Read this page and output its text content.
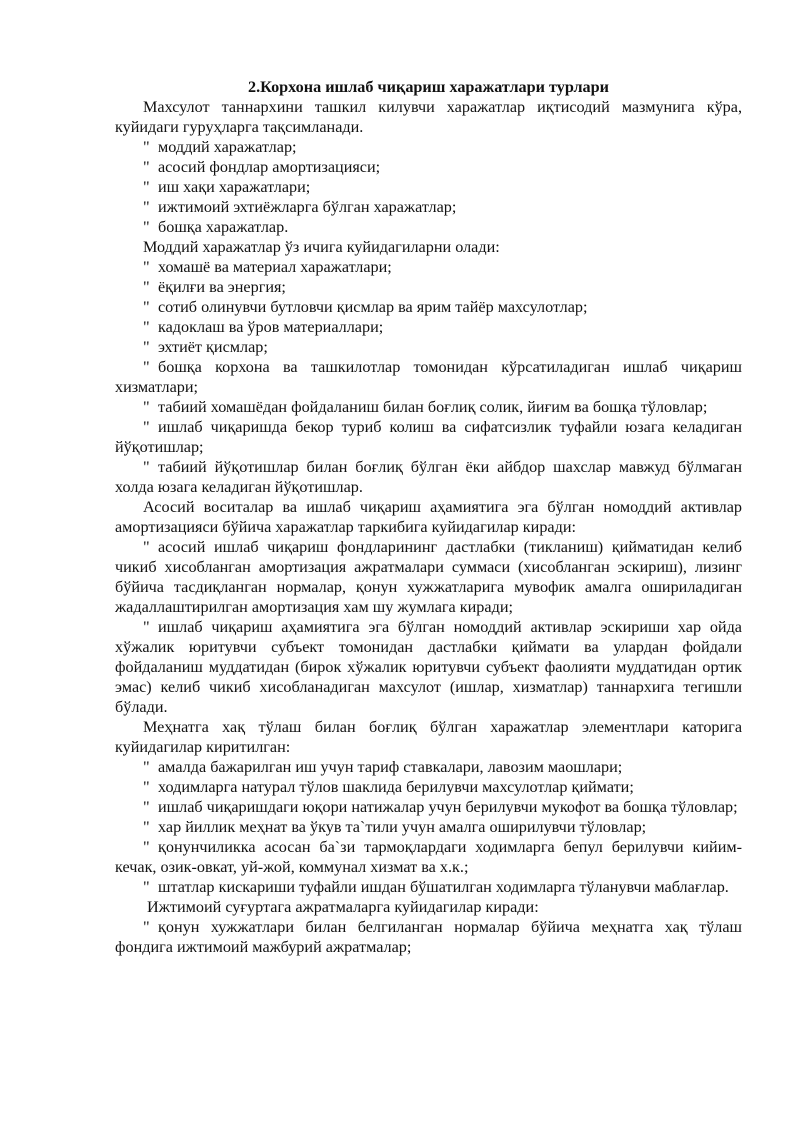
2.Корхона ишлаб чиқариш харажатлари турлари

Махсулот таннархини ташкил килувчи харажатлар иқтисодий мазмунига кўра, куйидаги гуруҳларга тақсимланади.

" моддий харажатлар;

" асосий фондлар амортизацияси;

" иш хақи харажатлари;

" ижтимоий эхтиёжларга бўлган харажатлар;

" бошқа харажатлар.

Моддий харажатлар ўз ичига куйидагиларни олади:

" хомашё ва материал харажатлари;

" ёқилғи ва энергия;

" сотиб олинувчи бутловчи қисмлар ва ярим тайёр махсулотлар;

" кадоклаш ва ўров материаллари;

" эхтиёт қисмлар;

" бошқа корхона ва ташкилотлар томонидан кўрсатиладиган ишлаб чиқариш хизматлари;

" табиий хомашёдан фойдаланиш билан боғлиқ солик, йиғим ва бошқа тўловлар;

" ишлаб чиқаришда бекор туриб колиш ва сифатсизлик туфайли юзага келадиган йўқотишлар;

" табиий йўқотишлар билан боғлиқ бўлган ёки айбдор шахслар мавжуд бўлмаган холда юзага келадиган йўқотишлар.

Асосий воситалар ва ишлаб чиқариш аҳамиятига эга бўлган номоддий активлар амортизацияси бўйича харажатлар таркибига куйидагилар киради:

" асосий ишлаб чиқариш фондларининг дастлабки (тикланиш) қийматидан келиб чикиб хисобланган амортизация ажратмалари суммаси (хисобланган эскириш), лизинг бўйича тасдиқланган нормалар, қонун хужжатларига мувофик амалга ошириладиган жадаллаштирилган амортизация хам шу жумлага киради;

" ишлаб чиқариш аҳамиятига эга бўлган номоддий активлар эскириши хар ойда хўжалик юритувчи субъект томонидан дастлабки қиймати ва улардан фойдали фойдаланиш муддатидан (бирок хўжалик юритувчи субъект фаолияти муддатидан ортик эмас) келиб чикиб хисобланадиган махсулот (ишлар, хизматлар) таннархига тегишли бўлади.

Меҳнатга хақ тўлаш билан боғлиқ бўлган харажатлар элементлари каторига куйидагилар киритилган:

" амалда бажарилган иш учун тариф ставкалари, лавозим маошлари;

" ходимларга натурал тўлов шаклида берилувчи махсулотлар қиймати;

" ишлаб чиқаришдаги юқори натижалар учун берилувчи мукофот ва бошқа тўловлар;

" хар йиллик меҳнат ва ўкув та`тили учун амалга оширилувчи тўловлар;

" қонунчиликка асосан ба`зи тармоқлардаги ходимларга бепул берилувчи кийим-кечак, озик-овкат, уй-жой, коммунал хизмат ва х.к.;

" штатлар кискариши туфайли ишдан бўшатилган ходимларга тўланувчи маблағлар.

Ижтимоий суғуртага ажратмаларга куйидагилар киради:

" қонун хужжатлари билан белгиланган нормалар бўйича меҳнатга хақ тўлаш фондига ижтимоий мажбурий ажратмалар;
